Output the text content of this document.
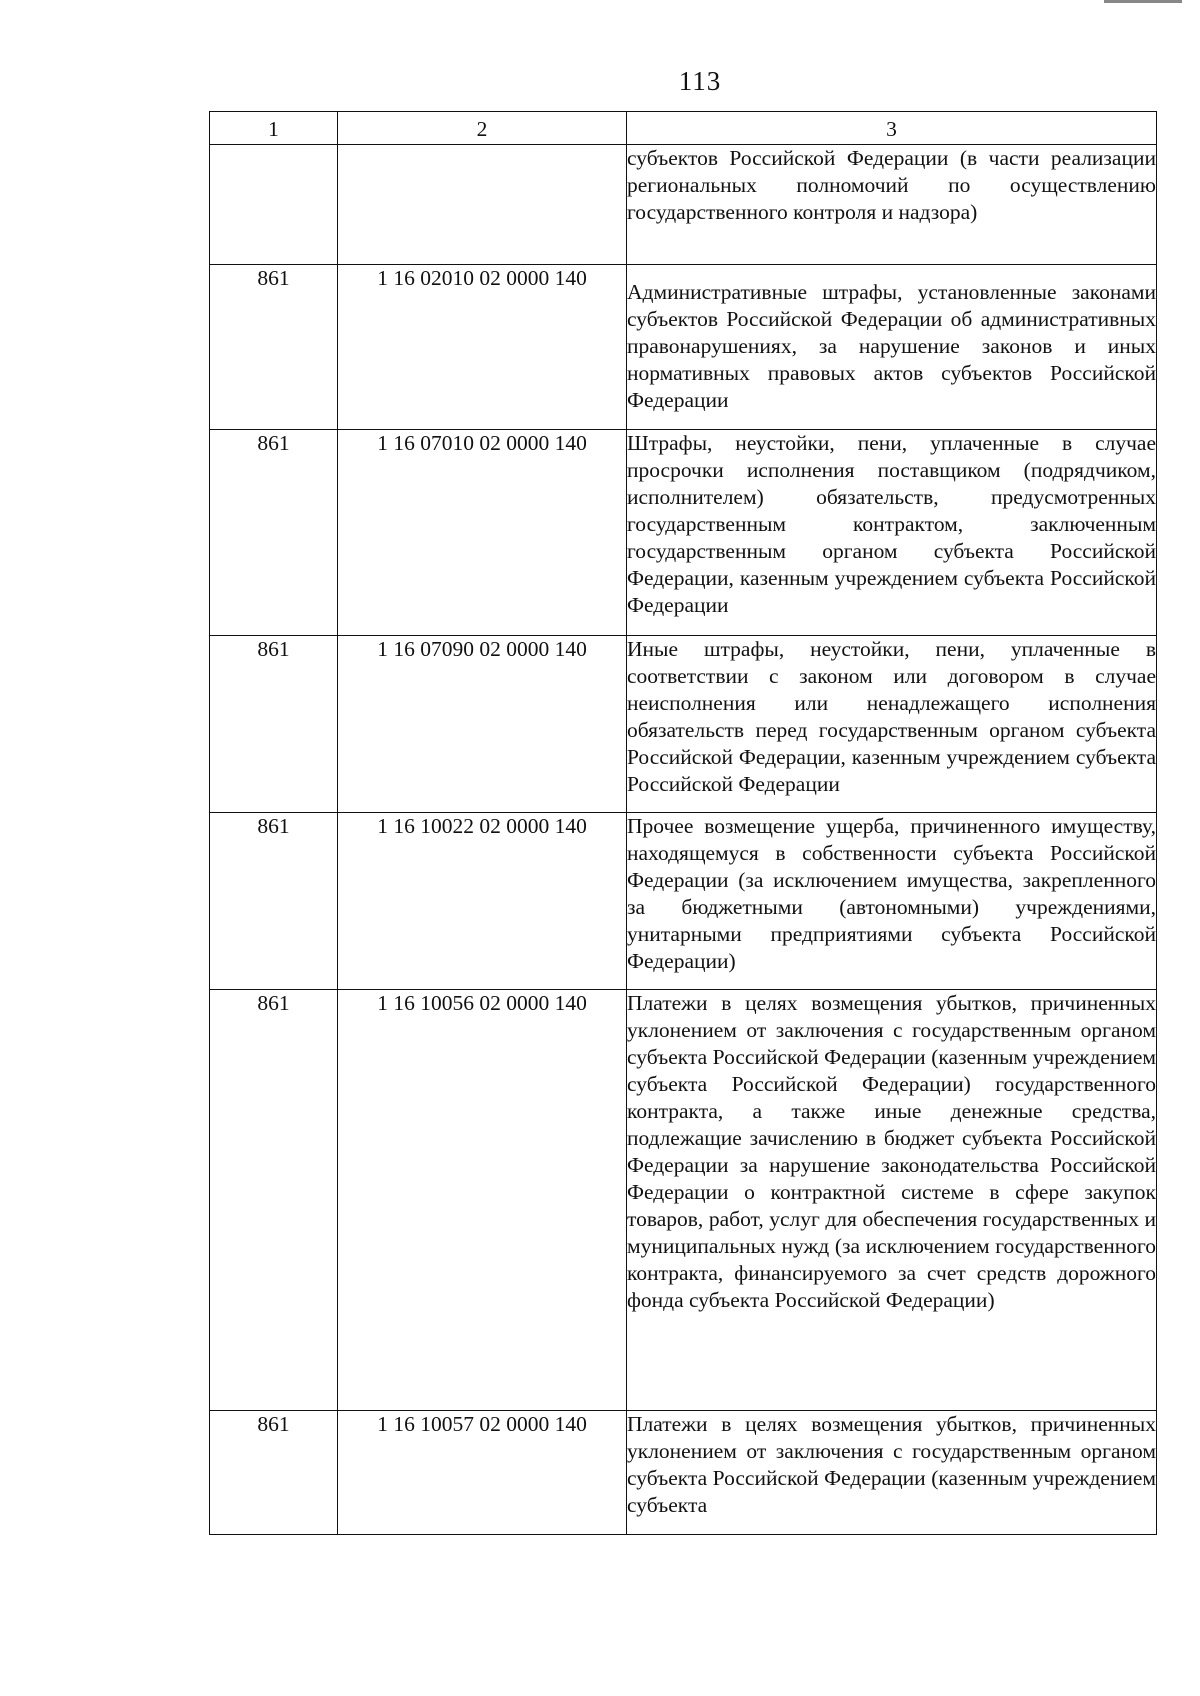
113
1	2	3

		субъектов Российской Федерации (в части реализации региональных полномочий по осуществлению государственного контроля и надзора)

861	1 16 02010 02 0000 140	Административные штрафы, установленные законами субъектов Российской Федерации об административных правонарушениях, за нарушение законов и иных нормативных правовых актов субъектов Российской Федерации

861	1 16 07010 02 0000 140	Штрафы, неустойки, пени, уплаченные в случае просрочки исполнения поставщиком (подрядчиком, исполнителем) обязательств, предусмотренных государственным контрактом, заключенным государственным органом субъекта Российской Федерации, казенным учреждением субъекта Российской Федерации

861	1 16 07090 02 0000 140	Иные штрафы, неустойки, пени, уплаченные в соответствии с законом или договором в случае неисполнения или ненадлежащего исполнения обязательств перед государственным органом субъекта Российской Федерации, казенным учреждением субъекта Российской Федерации

861	1 16 10022 02 0000 140	Прочее возмещение ущерба, причиненного имуществу, находящемуся в собственности субъекта Российской Федерации (за исключением имущества, закрепленного за бюджетными (автономными) учреждениями, унитарными предприятиями субъекта Российской Федерации)

861	1 16 10056 02 0000 140	Платежи в целях возмещения убытков, причиненных уклонением от заключения с государственным органом субъекта Российской Федерации (казенным учреждением субъекта Российской Федерации) государственного контракта, а также иные денежные средства, подлежащие зачислению в бюджет субъекта Российской Федерации за нарушение законодательства Российской Федерации о контрактной системе в сфере закупок товаров, работ, услуг для обеспечения государственных и муниципальных нужд (за исключением государственного контракта, финансируемого за счет средств дорожного фонда субъекта Российской Федерации)

861	1 16 10057 02 0000 140	Платежи в целях возмещения убытков, причиненных уклонением от заключения с государственным органом субъекта Российской Федерации (казенным учреждением субъекта
